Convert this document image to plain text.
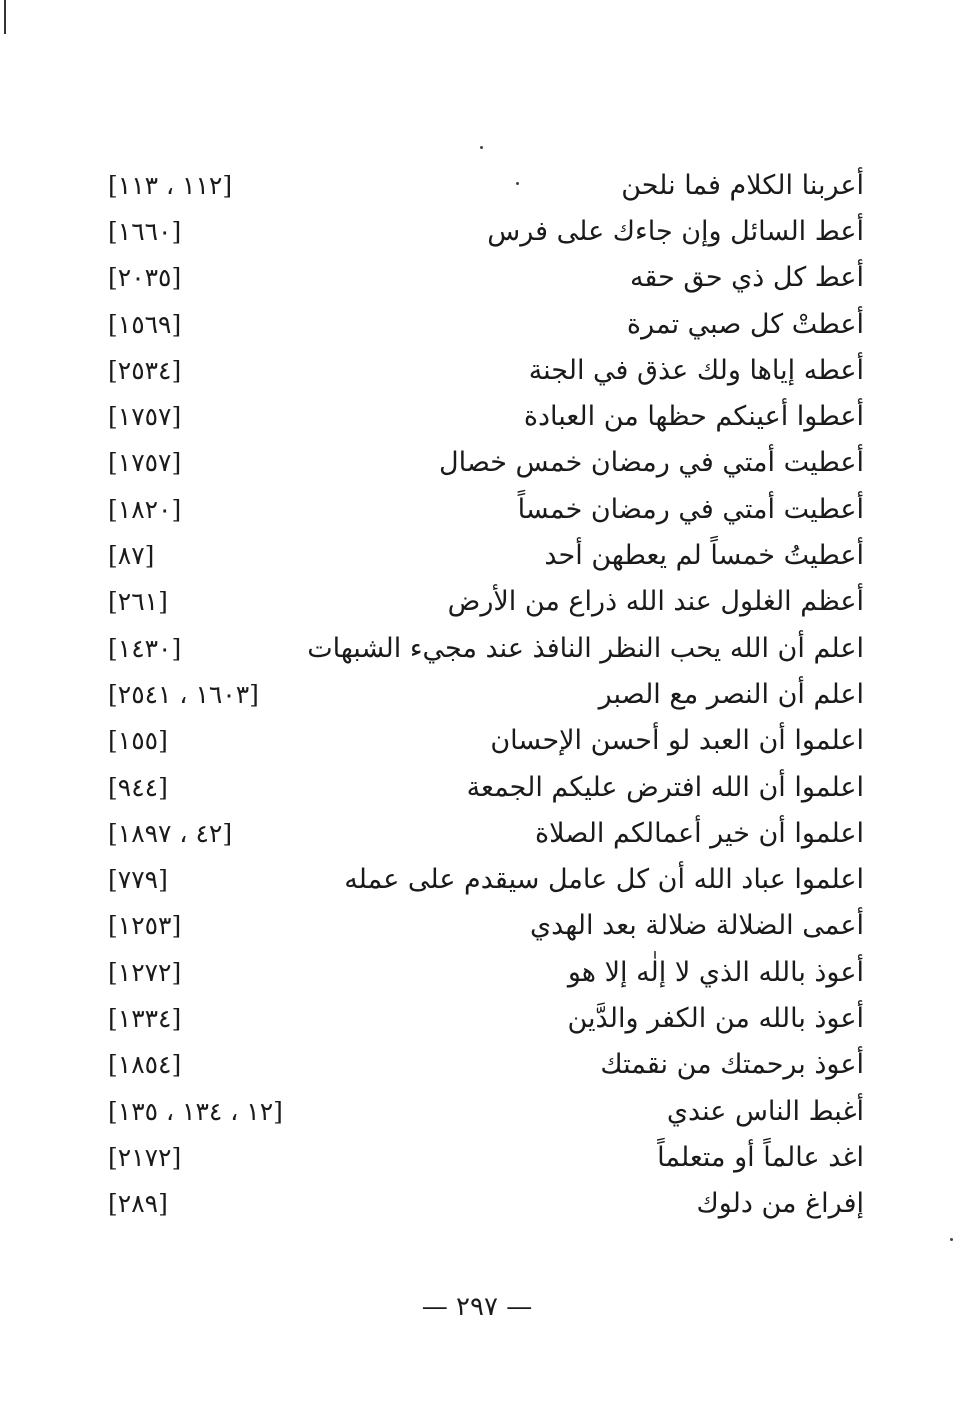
[١١٢ ، ١١٣]	أعربنا الكلام فما نلحن
[١٦٦٠]	أعط السائل وإن جاءك على فرس
[٢٠٣٥]	أعط كل ذي حق حقه
[١٥٦٩]	أعطتْ كل صبي تمرة
[٢٥٣٤]	أعطه إياها ولك عذق في الجنة
[١٧٥٧]	أعطوا أعينكم حظها من العبادة
[١٧٥٧]	أعطيت أمتي في رمضان خمس خصال
[١٨٢٠]	أعطيت أمتي في رمضان خمساً
[٨٧]	أعطيتُ خمساً لم يعطهن أحد
[٢٦١]	أعظم الغلول عند الله ذراع من الأرض
[١٤٣٠]	اعلم أن الله يحب النظر النافذ عند مجيء الشبهات
[١٦٠٣ ، ٢٥٤١]	اعلم أن النصر مع الصبر
[١٥٥]	اعلموا أن العبد لو أحسن الإحسان
[٩٤٤]	اعلموا أن الله افترض عليكم الجمعة
[٤٢ ، ١٨٩٧]	اعلموا أن خير أعمالكم الصلاة
[٧٧٩]	اعلموا عباد الله أن كل عامل سيقدم على عمله
[١٢٥٣]	أعمى الضلالة ضلالة بعد الهدي
[١٢٧٢]	أعوذ بالله الذي لا إلٰه إلا هو
[١٣٣٤]	أعوذ بالله من الكفر والدَّين
[١٨٥٤]	أعوذ برحمتك من نقمتك
[١٢ ، ١٣٤ ، ١٣٥]	أغبط الناس عندي
[٢١٧٢]	اغد عالماً أو متعلماً
[٢٨٩]	إفراغ من دلوك
— ٢٩٧ —
